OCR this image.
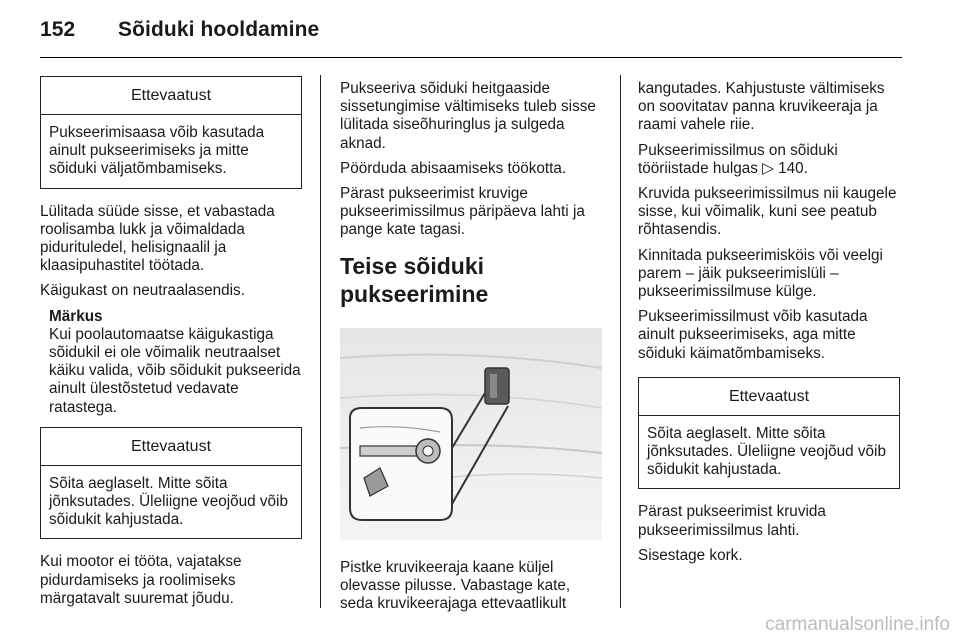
152 Sõiduki hooldamine
Ettevaatust
Pukseerimisaasa võib kasutada ainult pukseerimiseks ja mitte sõiduki väljatõmbamiseks.

Lülitada süüde sisse, et vabastada roolisamba lukk ja võimaldada pidurituledel, helisignaalil ja klaasipuhastitel töötada.

Käigukast on neutraalasendis.

Märkus
Kui poolautomaatse käigukastiga sõidukil ei ole võimalik neutraalset käiku valida, võib sõidukit pukseerida ainult ülestõstetud vedavate ratastega.
Ettevaatust
Sõita aeglaselt. Mitte sõita jõnksutades. Üleliigne veojõud võib sõidukit kahjustada.

Kui mootor ei tööta, vajatakse pidurdamiseks ja roolimiseks märgatavalt suuremat jõudu.

Pukseeriva sõiduki heitgaaside sissetungimise vältimiseks tuleb sisse lülitada siseõhuringlus ja sulgeda aknad.

Pöörduda abisaamiseks töökotta.

Pärast pukseerimist kruvige pukseerimissilmus päripäeva lahti ja pange kate tagasi.

Teise sõiduki pukseerimine

Pistke kruvikeeraja kaane küljel olevasse pilusse. Vabastage kate, seda kruvikeerajaga ettevaatlikult

kangutades. Kahjustuste vältimiseks on soovitatav panna kruvikeeraja ja raami vahele riie.

Pukseerimissilmus on sõiduki tööriistade hulgas ▷ 140.

Kruvida pukseerimissilmus nii kaugele sisse, kui võimalik, kuni see peatub rõhtasendis.

Kinnitada pukseerimisköis või veelgi parem – jäik pukseerimislüli – pukseerimissilmuse külge.

Pukseerimissilmust võib kasutada ainult pukseerimiseks, aga mitte sõiduki käimatõmbamiseks.

Ettevaatust
Sõita aeglaselt. Mitte sõita jõnksutades. Üleliigne veojõud võib sõidukit kahjustada.

Pärast pukseerimist kruvida pukseerimissilmus lahti.

Sisestage kork.

carmanualsonline.info
